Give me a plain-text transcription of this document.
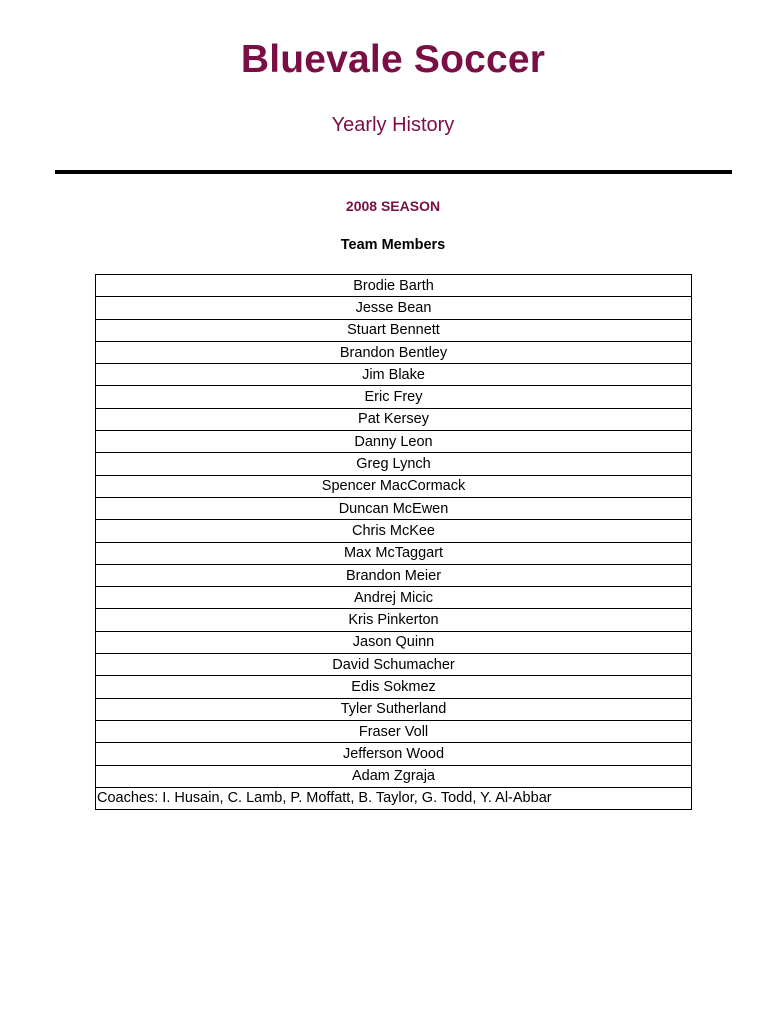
Bluevale Soccer
Yearly History
2008 SEASON
Team Members
Brodie Barth
Jesse Bean
Stuart Bennett
Brandon Bentley
Jim Blake
Eric Frey
Pat Kersey
Danny Leon
Greg Lynch
Spencer MacCormack
Duncan McEwen
Chris McKee
Max McTaggart
Brandon Meier
Andrej Micic
Kris Pinkerton
Jason Quinn
David Schumacher
Edis Sokmez
Tyler Sutherland
Fraser Voll
Jefferson Wood
Adam Zgraja
Coaches: I. Husain, C. Lamb, P. Moffatt, B. Taylor, G. Todd, Y. Al-Abbar
